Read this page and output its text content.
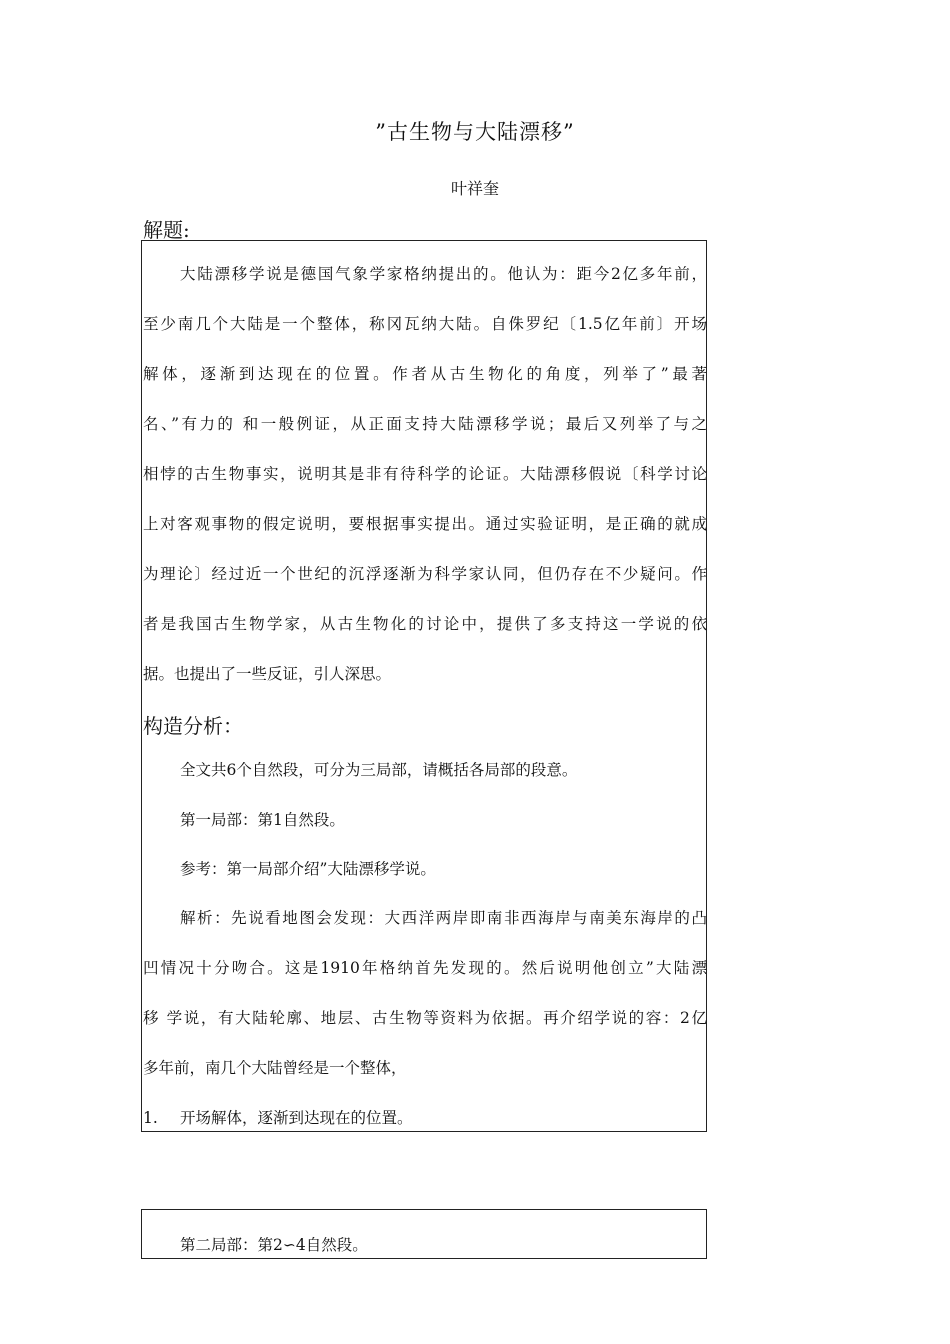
”古生物与大陆漂移”
叶祥奎
解题:
大陆漂移学说是德国气象学家格纳提出的。他认为：距今2亿多年前，
至少南几个大陆是一个整体，称冈瓦纳大陆。自侏罗纪〔1.5亿年前〕开场
解体，逐渐到达现在的位置。作者从古生物化的角度，列举了”最著
名、”有力的 和一般例证，从正面支持大陆漂移学说；最后又列举了与之
相悖的古生物事实，说明其是非有待科学的论证。大陆漂移假说〔科学讨论
上对客观事物的假定说明，要根据事实提出。通过实验证明，是正确的就成
为理论〕经过近一个世纪的沉浮逐渐为科学家认同，但仍存在不少疑问。作
者是我国古生物学家，从古生物化的讨论中，提供了多支持这一学说的依
据。也提出了一些反证，引人深思。
构造分析：
全文共6个自然段，可分为三局部，请概括各局部的段意。
第一局部：第1自然段。
参考：第一局部介绍”大陆漂移学说。
解析：先说看地图会发现：大西洋两岸即南非西海岸与南美东海岸的凸
凹情况十分吻合。这是1910年格纳首先发现的。然后说明他创立”大陆漂
移 学说，有大陆轮廓、地层、古生物等资料为依据。再介绍学说的容：2亿
多年前，南几个大陆曾经是一个整体，
1. 开场解体，逐渐到达现在的位置。
第二局部：第2∽4自然段。
